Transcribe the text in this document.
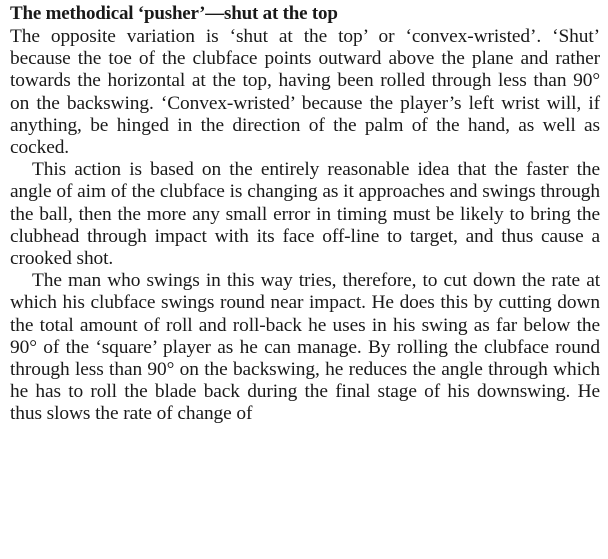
The methodical ‘pusher’—shut at the top

The opposite variation is ‘shut at the top’ or ‘convex-wristed’. ‘Shut’ because the toe of the clubface points outward above the plane and rather towards the horizontal at the top, having been rolled through less than 90° on the backswing. ‘Convex-wristed’ because the player’s left wrist will, if anything, be hinged in the direction of the palm of the hand, as well as cocked.

This action is based on the entirely reasonable idea that the faster the angle of aim of the clubface is changing as it approaches and swings through the ball, then the more any small error in timing must be likely to bring the clubhead through impact with its face off-line to target, and thus cause a crooked shot.

The man who swings in this way tries, therefore, to cut down the rate at which his clubface swings round near impact. He does this by cutting down the total amount of roll and roll-back he uses in his swing as far below the 90° of the ‘square’ player as he can manage. By rolling the clubface round through less than 90° on the backswing, he reduces the angle through which he has to roll the blade back during the final stage of his downswing. He thus slows the rate of change of
